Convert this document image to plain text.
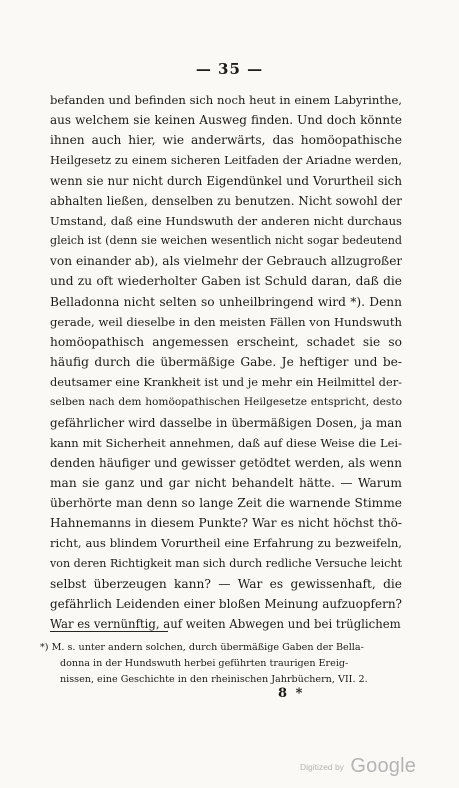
— 35 —
befanden und befinden sich noch heut in einem Labyrinthe,
aus welchem sie keinen Ausweg finden. Und doch könnte
ihnen auch hier, wie anderwärts, das homöopathische
Heilgesetz zu einem sicheren Leitfaden der Ariadne werden,
wenn sie nur nicht durch Eigendünkel und Vorurtheil sich
abhalten ließen, denselben zu benutzen. Nicht sowohl der
Umstand, daß eine Hundswuth der anderen nicht durchaus
gleich ist (denn sie weichen wesentlich nicht sogar bedeutend
von einander ab), als vielmehr der Gebrauch allzugroßer
und zu oft wiederholter Gaben ist Schuld daran, daß die
Belladonna nicht selten so unheilbringend wird *). Denn
gerade, weil dieselbe in den meisten Fällen von Hundswuth
homöopathisch angemessen erscheint, schadet sie so
häufig durch die übermäßige Gabe. Je heftiger und be-
deutsamer eine Krankheit ist und je mehr ein Heilmittel der-
selben nach dem homöopathischen Heilgesetze entspricht, desto
gefährlicher wird dasselbe in übermäßigen Dosen, ja man
kann mit Sicherheit annehmen, daß auf diese Weise die Lei-
denden häufiger und gewisser getödtet werden, als wenn
man sie ganz und gar nicht behandelt hätte. — Warum
überhörte man denn so lange Zeit die warnende Stimme
Hahnemanns in diesem Punkte? War es nicht höchst thö-
richt, aus blindem Vorurtheil eine Erfahrung zu bezweifeln,
von deren Richtigkeit man sich durch redliche Versuche leicht
selbst überzeugen kann? — War es gewissenhaft, die
gefährlich Leidenden einer bloßen Meinung aufzuopfern?
War es vernünftig, auf weiten Abwegen und bei trüglichem
*) M. s. unter andern solchen, durch übermäßige Gaben der Bella-
donna in der Hundswuth herbei geführten traurigen Ereig-
nissen, eine Geschichte in den rheinischen Jahrbüchern, VII. 2.
8 *
Digitized by Google
